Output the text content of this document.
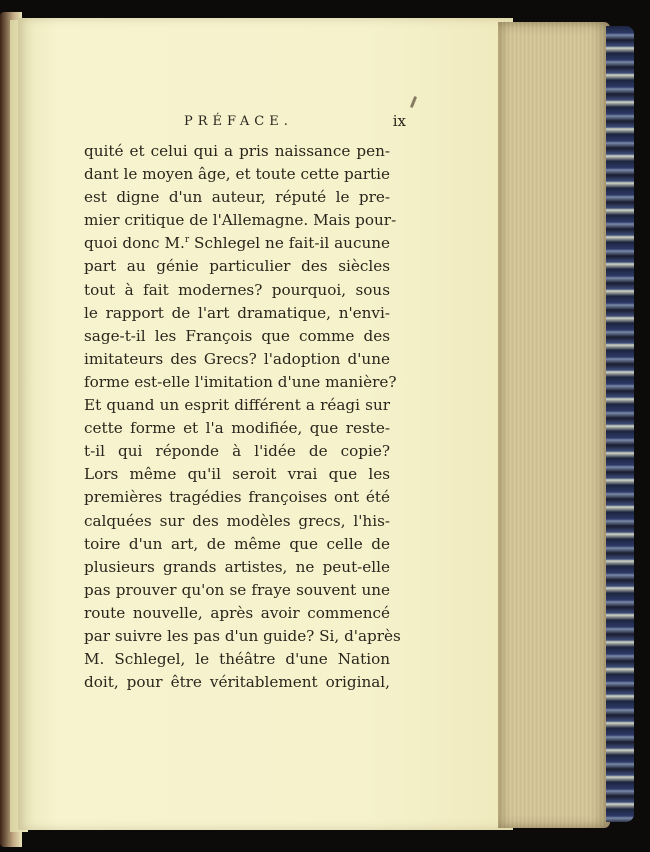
PRÉFACE.	ix
quité et celui qui a pris naissance pen-
dant le moyen âge, et toute cette partie
est digne d'un auteur, réputé le pre-
mier critique de l'Allemagne. Mais pour-
quoi donc M.$^r$ Schlegel ne fait-il aucune
part au génie particulier des siècles
tout à fait modernes? pourquoi, sous
le rapport de l'art dramatique, n'envi-
sage-t-il les François que comme des
imitateurs des Grecs? l'adoption d'une
forme est-elle l'imitation d'une manière?
Et quand un esprit différent a réagi sur
cette forme et l'a modifiée, que reste-
t-il qui réponde à l'idée de copie?
Lors même qu'il seroit vrai que les
premières tragédies françoises ont été
calquées sur des modèles grecs, l'his-
toire d'un art, de même que celle de
plusieurs grands artistes, ne peut-elle
pas prouver qu'on se fraye souvent une
route nouvelle, après avoir commencé
par suivre les pas d'un guide? Si, d'après
M. Schlegel, le théâtre d'une Nation
doit, pour être véritablement original,
